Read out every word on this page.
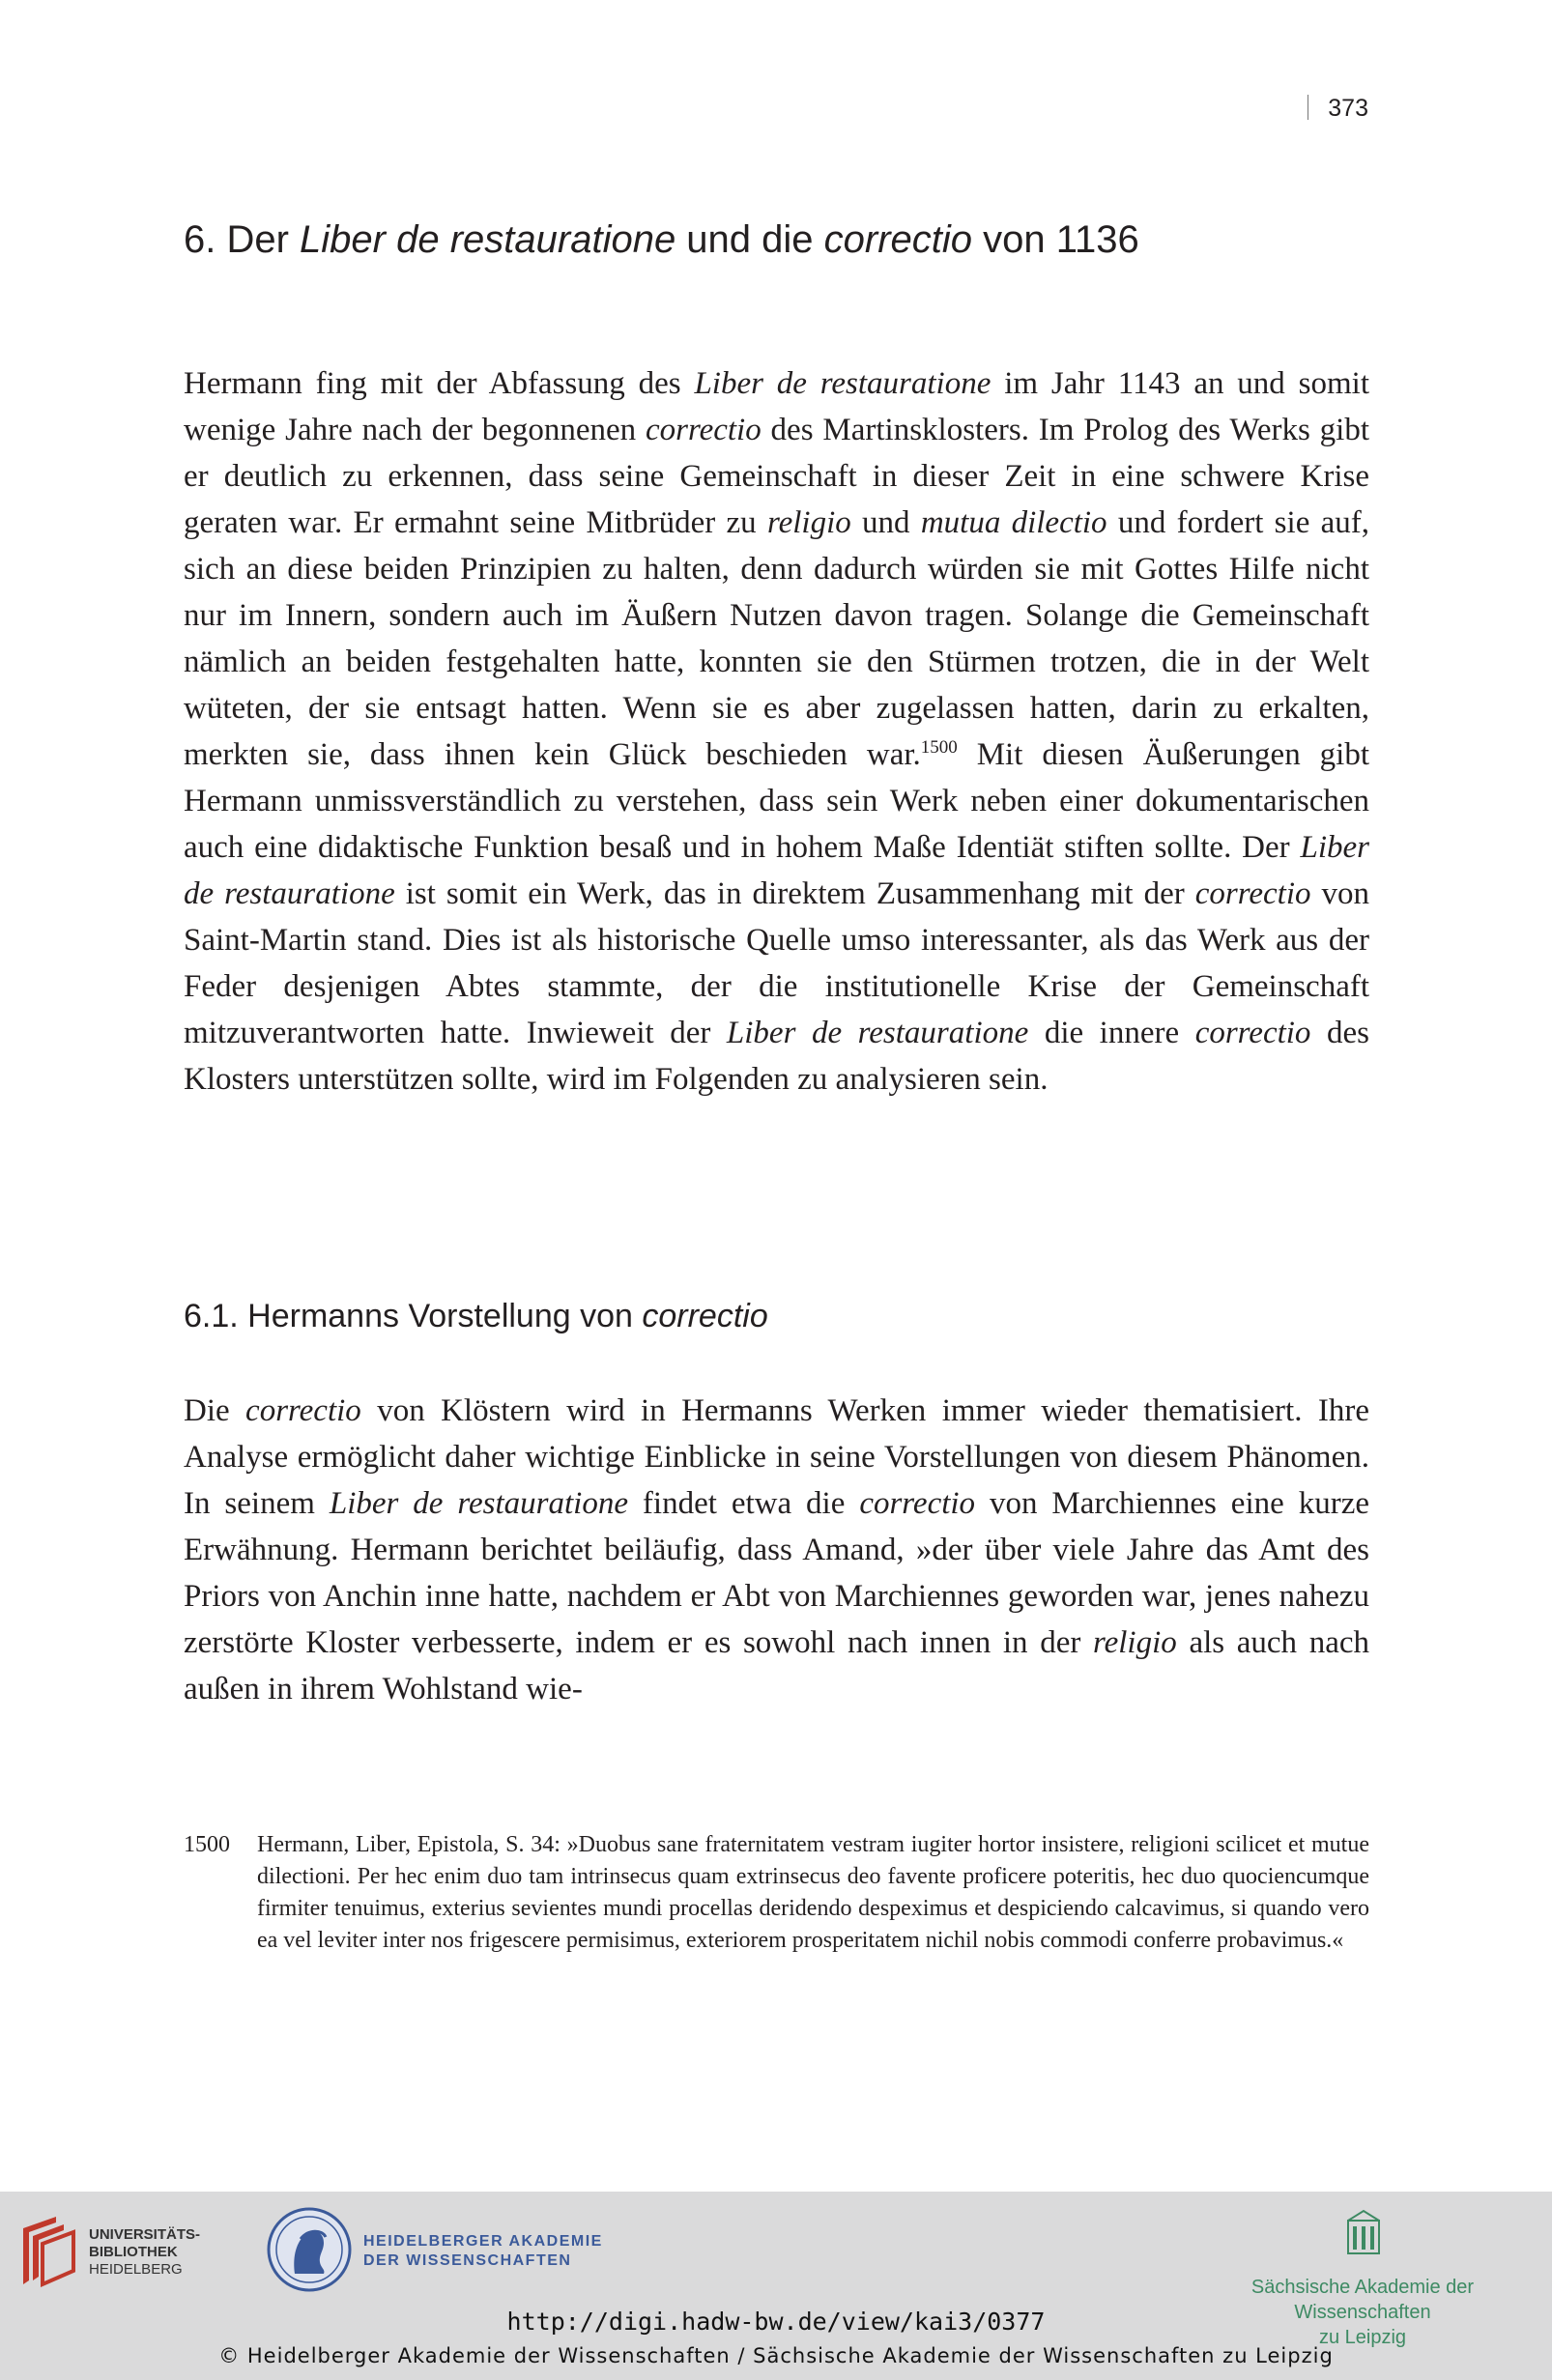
373
6. Der Liber de restauratione und die correctio von 1136

Hermann fing mit der Abfassung des Liber de restauratione im Jahr 1143 an und somit wenige Jahre nach der begonnenen correctio des Martinsklosters. Im Prolog des Werks gibt er deutlich zu erkennen, dass seine Gemeinschaft in dieser Zeit in eine schwere Krise geraten war. Er ermahnt seine Mitbrüder zu religio und mutua dilectio und fordert sie auf, sich an diese beiden Prinzipien zu halten, denn dadurch würden sie mit Gottes Hilfe nicht nur im Innern, sondern auch im Äußern Nutzen davon tragen. Solange die Gemeinschaft nämlich an beiden festgehalten hatte, konnten sie den Stürmen trotzen, die in der Welt wüteten, der sie entsagt hatten. Wenn sie es aber zugelassen hatten, darin zu erkalten, merkten sie, dass ihnen kein Glück beschieden war.$^{1500}$ Mit diesen Äußerungen gibt Hermann unmissverständlich zu verstehen, dass sein Werk neben einer dokumentarischen auch eine didaktische Funktion besaß und in hohem Maße Identiät stiften sollte. Der Liber de restauratione ist somit ein Werk, das in direktem Zusammenhang mit der correctio von Saint-Martin stand. Dies ist als historische Quelle umso interessanter, als das Werk aus der Feder desjenigen Abtes stammte, der die institutionelle Krise der Gemeinschaft mitzuverantworten hatte. Inwieweit der Liber de restauratione die innere correctio des Klosters unterstützen sollte, wird im Folgenden zu analysieren sein.

6.1. Hermanns Vorstellung von correctio

Die correctio von Klöstern wird in Hermanns Werken immer wieder thematisiert. Ihre Analyse ermöglicht daher wichtige Einblicke in seine Vorstellungen von diesem Phänomen. In seinem Liber de restauratione findet etwa die correctio von Marchiennes eine kurze Erwähnung. Hermann berichtet beiläufig, dass Amand, »der über viele Jahre das Amt des Priors von Anchin inne hatte, nachdem er Abt von Marchiennes geworden war, jenes nahezu zerstörte Kloster verbesserte, indem er es sowohl nach innen in der religio als auch nach außen in ihrem Wohlstand wie-

1500	Hermann, Liber, Epistola, S. 34: »Duobus sane fraternitatem vestram iugiter hortor insistere, religioni scilicet et mutue dilectioni. Per hec enim duo tam intrinsecus quam extrinsecus deo favente proficere poteritis, hec duo quociencumque firmiter tenuimus, exterius sevientes mundi procellas deridendo despeximus et despiciendo calcavimus, si quando vero ea vel leviter inter nos frigescere permisimus, exteriorem prosperitatem nichil nobis commodi conferre probavimus.«
UNIVERSITÄTS-
BIBLIOTHEK
HEIDELBERG
HEIDELBERGER AKADEMIE
DER WISSENSCHAFTEN
Sächsische Akademie der Wissenschaften
zu Leipzig
http://digi.hadw-bw.de/view/kai3/0377
© Heidelberger Akademie der Wissenschaften / Sächsische Akademie der Wissenschaften zu Leipzig
